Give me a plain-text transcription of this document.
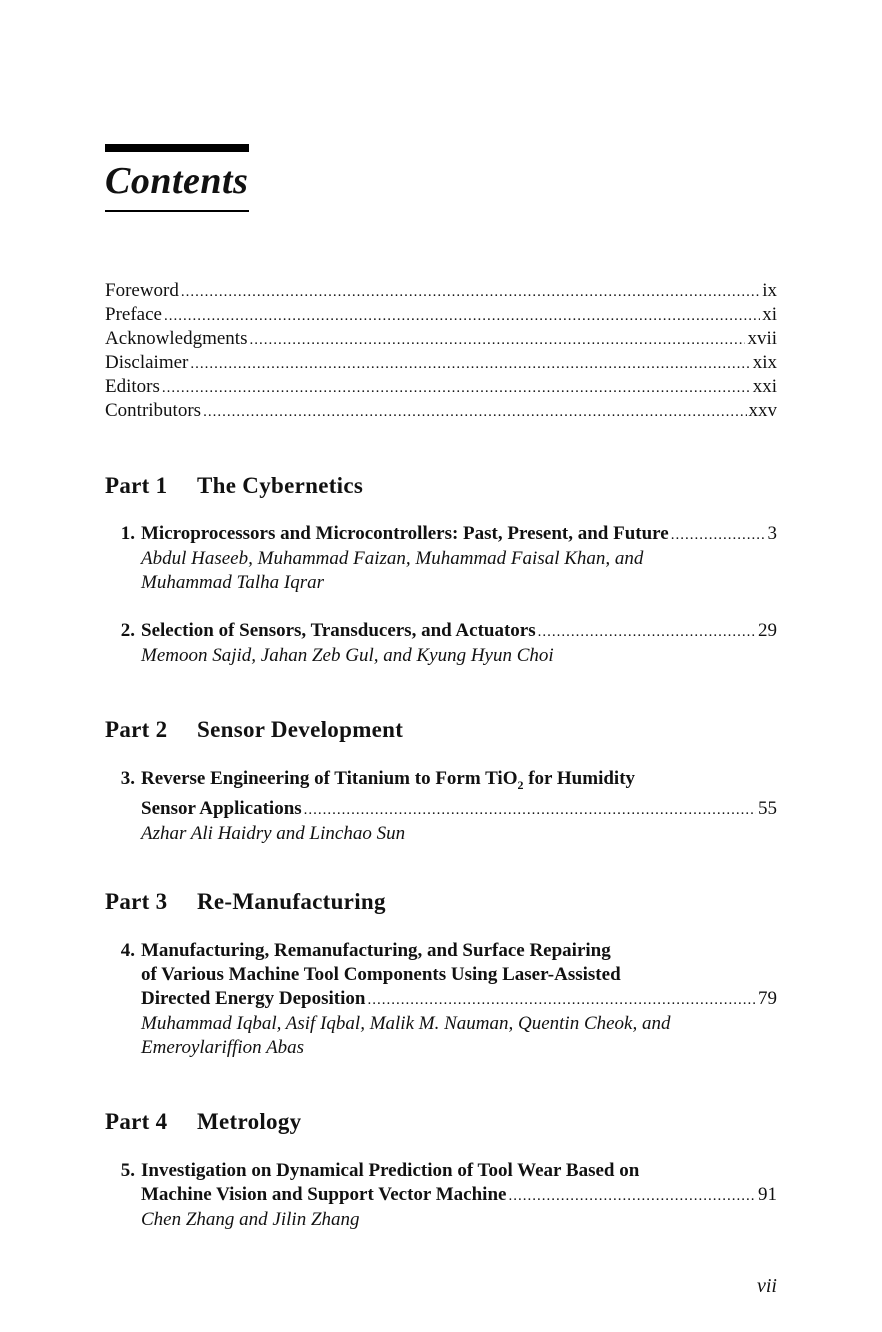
Contents
Foreword .....	ix
Preface .....	xi
Acknowledgments .....	xvii
Disclaimer .....	xix
Editors .....	xxi
Contributors .....	xxv
Part 1 The Cybernetics
1. Microprocessors and Microcontrollers: Past, Present, and Future .....	3
Abdul Haseeb, Muhammad Faizan, Muhammad Faisal Khan, and
Muhammad Talha Iqrar
2. Selection of Sensors, Transducers, and Actuators .....	29
Memoon Sajid, Jahan Zeb Gul, and Kyung Hyun Choi
Part 2 Sensor Development
3. Reverse Engineering of Titanium to Form TiO$_2$ for Humidity
Sensor Applications .....	55
Azhar Ali Haidry and Linchao Sun
Part 3 Re-Manufacturing
4. Manufacturing, Remanufacturing, and Surface Repairing
of Various Machine Tool Components Using Laser-Assisted
Directed Energy Deposition .....	79
Muhammad Iqbal, Asif Iqbal, Malik M. Nauman, Quentin Cheok, and
Emeroylariffion Abas
Part 4 Metrology
5. Investigation on Dynamical Prediction of Tool Wear Based on
Machine Vision and Support Vector Machine .....	91
Chen Zhang and Jilin Zhang
vii
